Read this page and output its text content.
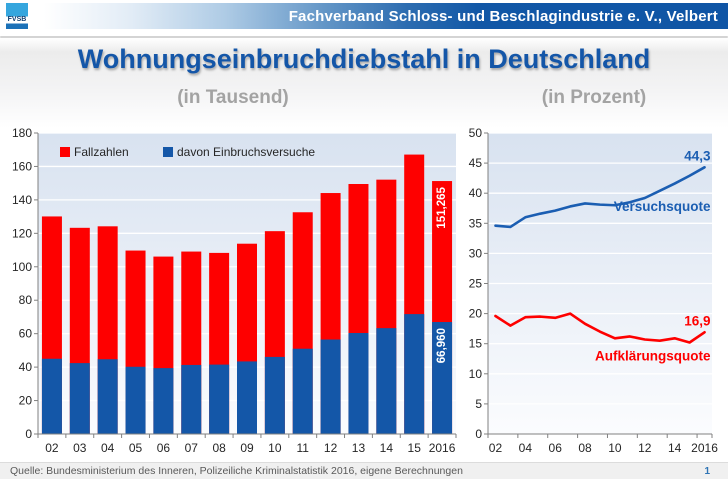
Fachverband Schloss- und Beschlagindustrie e. V., Velbert
FVSB
Wohnungseinbruchdiebstahl in Deutschland
(in Tausend)	(in Prozent)
0
20
40
60
80
100
120
140
160
180
02 03 04 05 06 07 08 09 10 11 12 13 14 15 2016
Fallzahlen	davon Einbruchsversuche
151,265
66,960
0
5
10
15
20
25
30
35
40
45
50
02 04 06 08 10 12 14 2016
44,3
Versuchsquote
16,9
Aufklärungsquote
Quelle: Bundesministerium des Inneren, Polizeiliche Kriminalstatistik 2016, eigene Berechnungen	1
